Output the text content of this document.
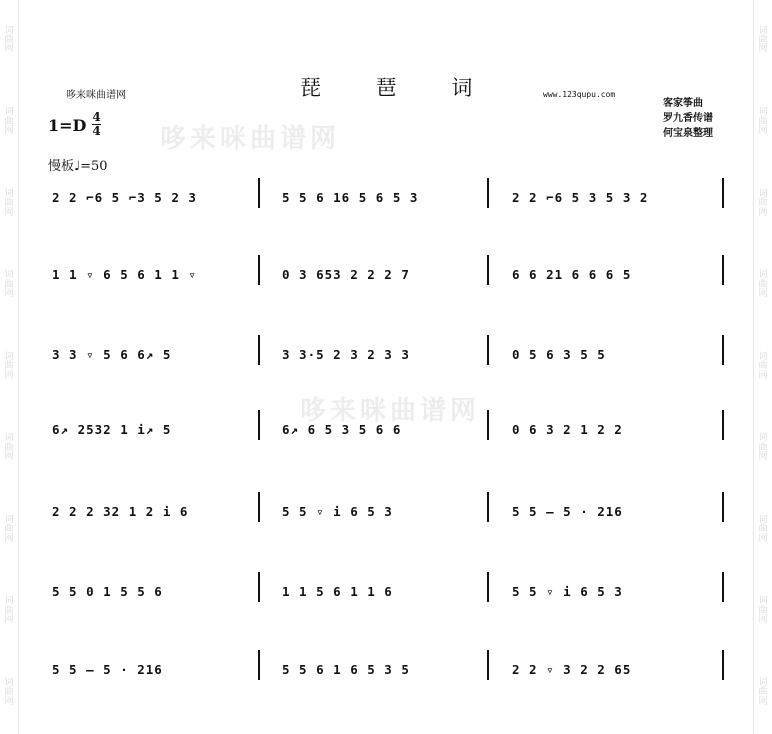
词
曲
网
词
曲
网
词
曲
网
词
曲
网
词
曲
网
词
曲
网
词
曲
网
词
曲
网
词
曲
网
词
曲
网
词
曲
网
词
曲
网
词
曲
网
词
曲
网
词
曲
网
词
曲
网
词
曲
网
词
曲
网
哆来咪曲谱网
哆来咪曲谱网
哆来咪曲谱网	琵 琶 词	www.123qupu.com
客家筝曲
罗九香传谱
何宝泉整理
1=D 4
4
慢板♩=50
2 2 ⌐6 5 ⌐3 5 2 3	5 5 6 16 5 6 5 3	2 2 ⌐6 5 3 5 3 2
1 1 ▿ 6 5 6 1 1 ▿	0 3 653 2 2 2 7	6 6 21 6 6 6 5
3 3 ▿ 5 6 6↗ 5	3 3·5 2 3 2 3 3	0 5 6 3 5 5
6↗ 2532 1 i↗ 5	6↗ 6 5 3 5 6 6	0 6 3 2 1 2 2
2 2 2 32 1 2 i 6	5 5 ▿ i 6 5 3	5 5 – 5 · 216
5 5 0 1 5 5 6	1 1 5 6 1 1 6	5 5 ▿ i 6 5 3
5 5 – 5 · 216	5 5 6 1 6 5 3 5	2 2 ▿ 3 2 2 65
